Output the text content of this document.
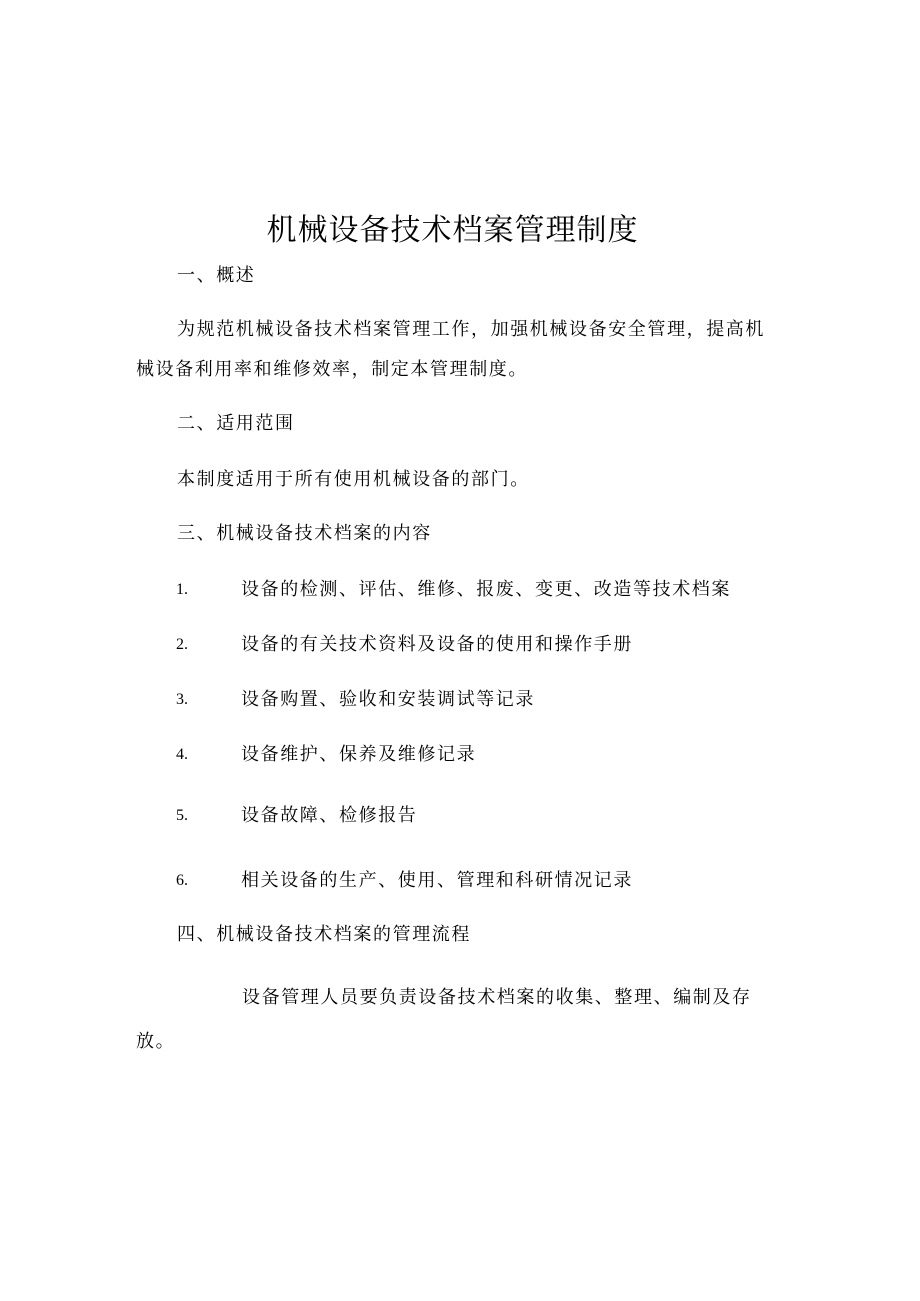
机械设备技术档案管理制度
一、概述
为规范机械设备技术档案管理工作，加强机械设备安全管理，提高机械设备利用率和维修效率，制定本管理制度。
二、适用范围
本制度适用于所有使用机械设备的部门。
三、机械设备技术档案的内容
1.	设备的检测、评估、维修、报废、变更、改造等技术档案
2.	设备的有关技术资料及设备的使用和操作手册
3.	设备购置、验收和安装调试等记录
4.	设备维护、保养及维修记录
5.	设备故障、检修报告
6.	相关设备的生产、使用、管理和科研情况记录
四、机械设备技术档案的管理流程
设备管理人员要负责设备技术档案的收集、整理、编制及存放。
